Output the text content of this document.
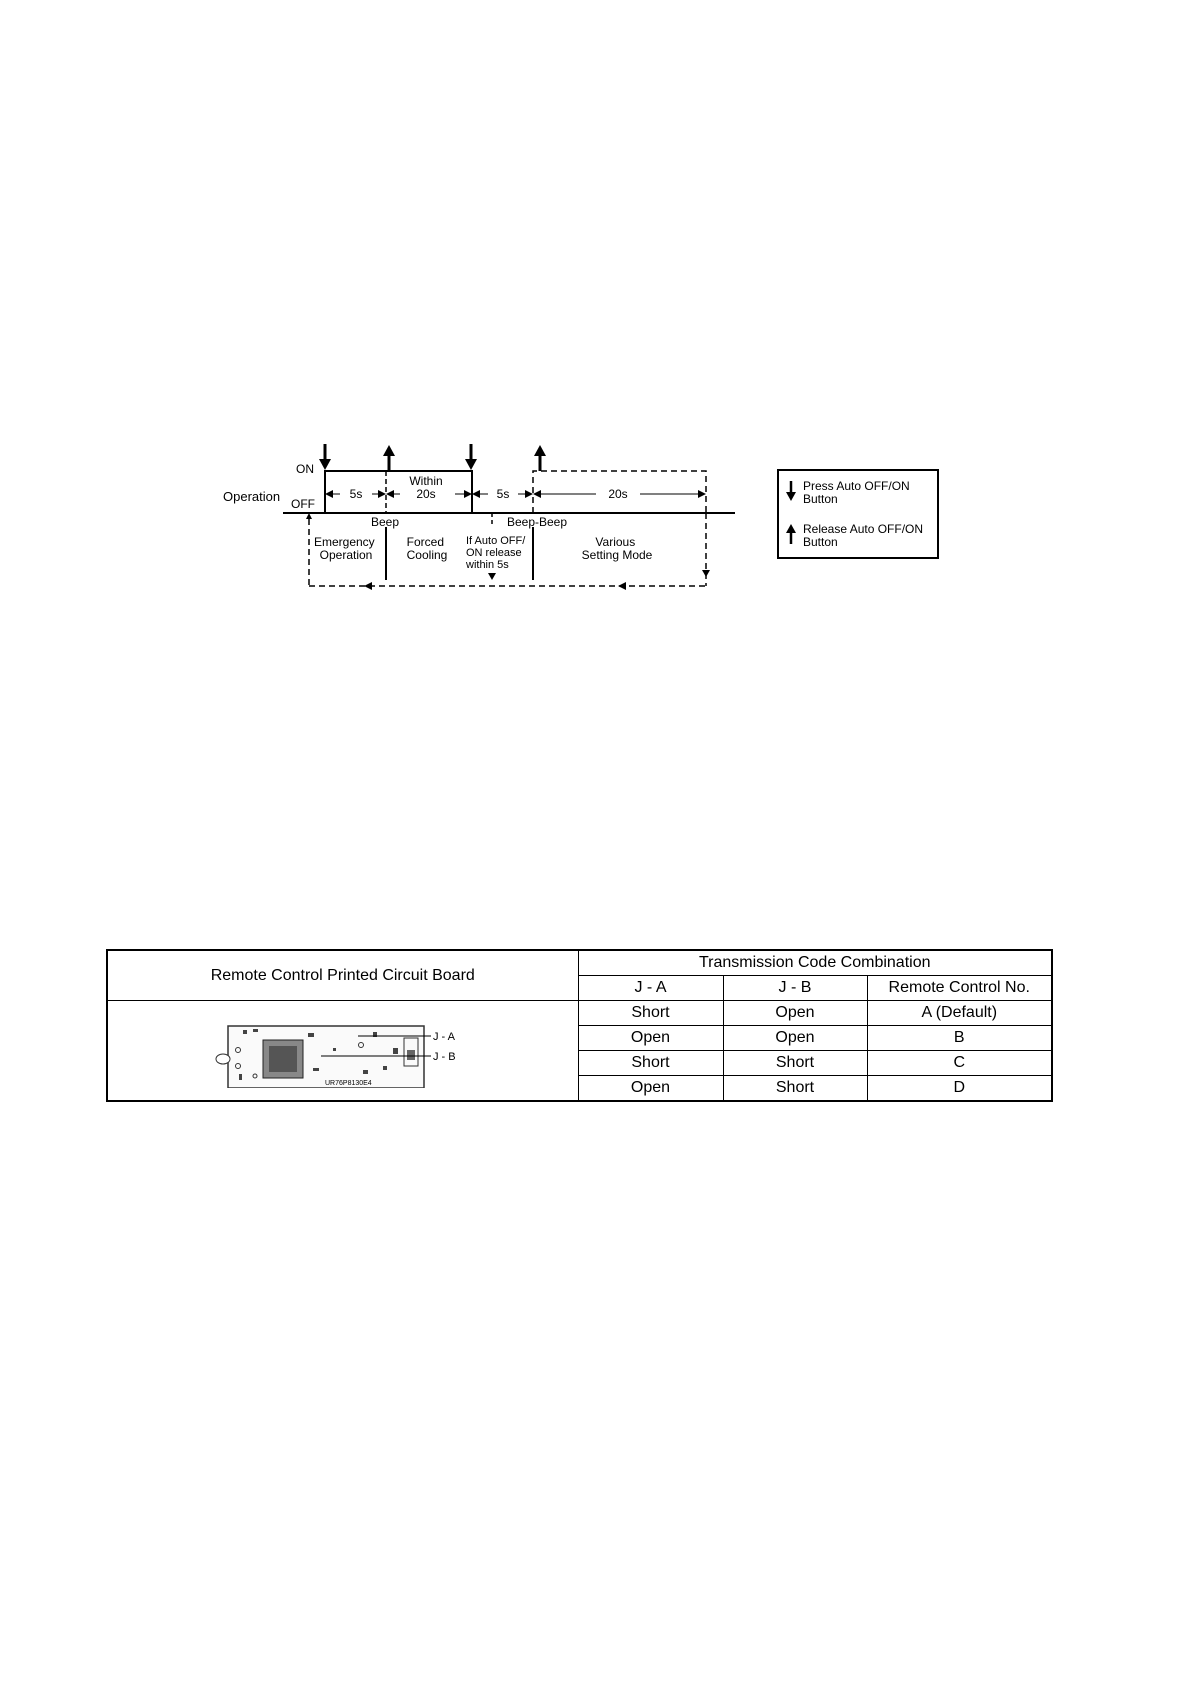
Operation
ON
OFF
5s
Within
20s	5s	20s
Beep	Beep-Beep
Emergency Operation
Forced Cooling
If Auto OFF/ ON release within 5s
Various Setting Mode
Press Auto OFF/ON Button
Release Auto OFF/ON Button
Remote Control Printed Circuit Board	Transmission Code Combination		
	J - A	J - B	Remote Control No.

UR76P8130E4
J - A
J - B	Short	Open	A (Default)
	Open	Open	B
	Short	Short	C
	Open	Short	D
